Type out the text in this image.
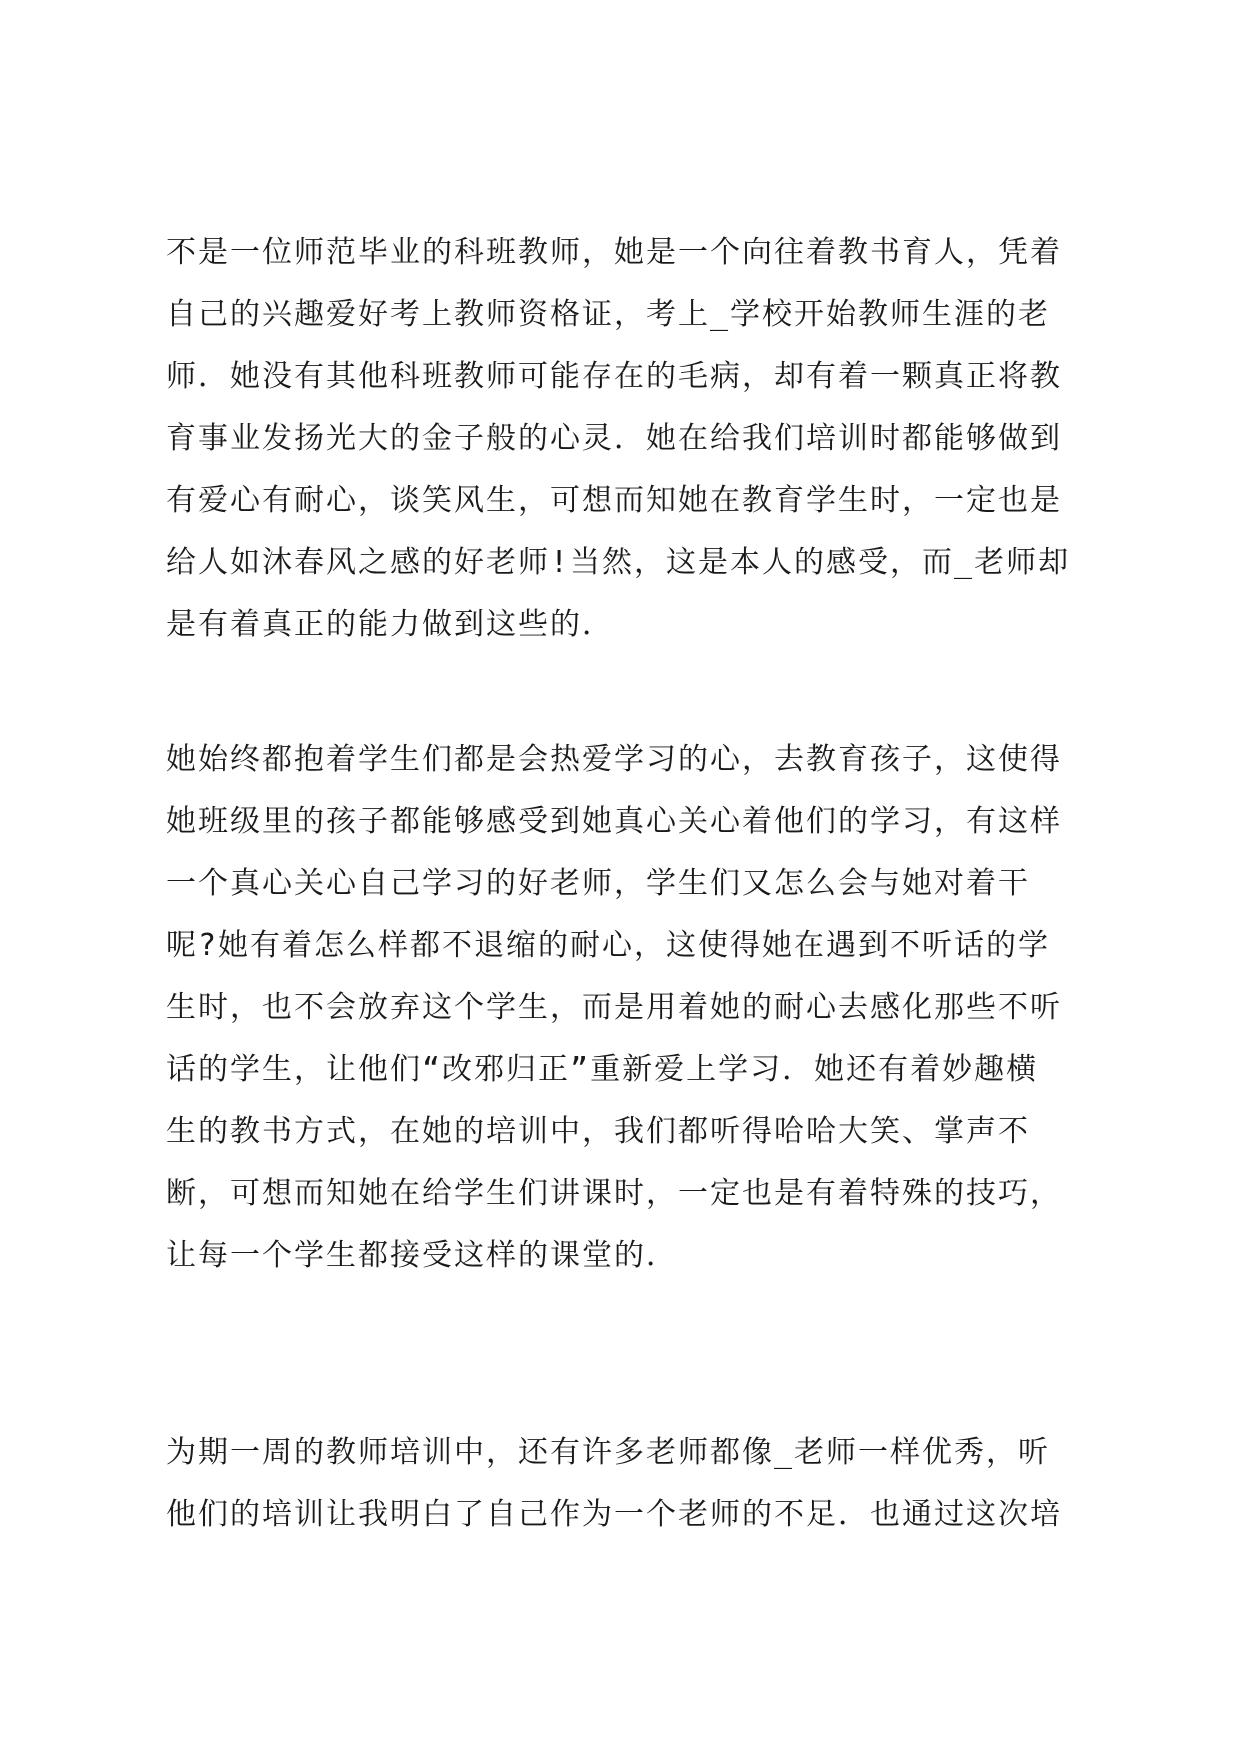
不是一位师范毕业的科班教师，她是一个向往着教书育人，凭着
自己的兴趣爱好考上教师资格证，考上_学校开始教师生涯的老
师．她没有其他科班教师可能存在的毛病，却有着一颗真正将教
育事业发扬光大的金子般的心灵．她在给我们培训时都能够做到
有爱心有耐心，谈笑风生，可想而知她在教育学生时，一定也是
给人如沐春风之感的好老师!当然，这是本人的感受，而_老师却
是有着真正的能力做到这些的．
她始终都抱着学生们都是会热爱学习的心，去教育孩子，这使得
她班级里的孩子都能够感受到她真心关心着他们的学习，有这样
一个真心关心自己学习的好老师，学生们又怎么会与她对着干
呢?她有着怎么样都不退缩的耐心，这使得她在遇到不听话的学
生时，也不会放弃这个学生，而是用着她的耐心去感化那些不听
话的学生，让他们“改邪归正”重新爱上学习．她还有着妙趣横
生的教书方式，在她的培训中，我们都听得哈哈大笑、掌声不
断，可想而知她在给学生们讲课时，一定也是有着特殊的技巧，
让每一个学生都接受这样的课堂的．
为期一周的教师培训中，还有许多老师都像_老师一样优秀，听
他们的培训让我明白了自己作为一个老师的不足．也通过这次培
